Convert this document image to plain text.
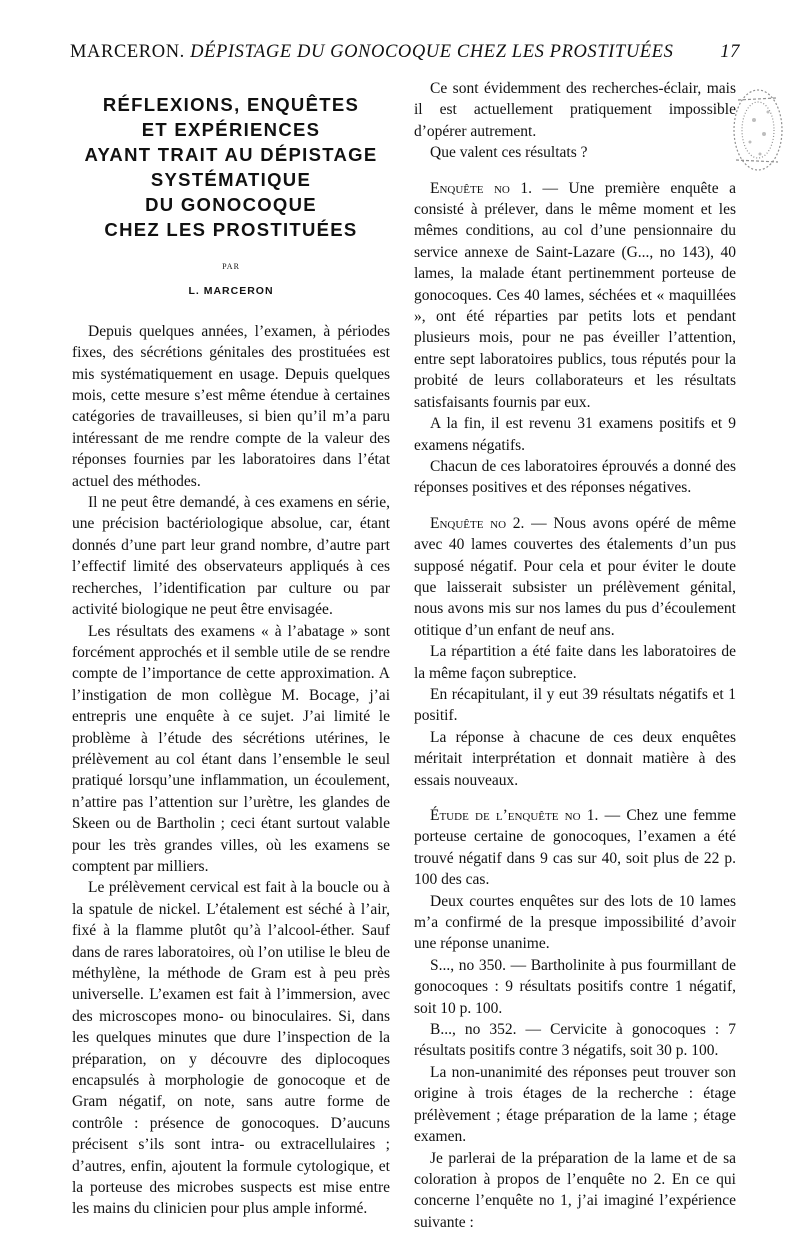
MARCERON. DÉPISTAGE DU GONOCOQUE CHEZ LES PROSTITUÉES	17
RÉFLEXIONS, ENQUÊTES
ET EXPÉRIENCES
AYANT TRAIT AU DÉPISTAGE
SYSTÉMATIQUE
DU GONOCOQUE
CHEZ LES PROSTITUÉES
PAR
L. MARCERON

Depuis quelques années, l’examen, à périodes fixes, des sécrétions génitales des prostituées est mis systématiquement en usage. Depuis quelques mois, cette mesure s’est même étendue à certaines catégories de travailleuses, si bien qu’il m’a paru intéressant de me rendre compte de la valeur des réponses fournies par les laboratoires dans l’état actuel des méthodes.

Il ne peut être demandé, à ces examens en série, une précision bactériologique absolue, car, étant donnés d’une part leur grand nombre, d’autre part l’effectif limité des observateurs appliqués à ces recherches, l’identification par culture ou par activité biologique ne peut être envisagée.

Les résultats des examens « à l’abatage » sont forcément approchés et il semble utile de se rendre compte de l’importance de cette approximation. A l’instigation de mon collègue M. Bocage, j’ai entrepris une enquête à ce sujet. J’ai limité le problème à l’étude des sécrétions utérines, le prélèvement au col étant dans l’ensemble le seul pratiqué lorsqu’une inflammation, un écoulement, n’attire pas l’attention sur l’urètre, les glandes de Skeen ou de Bartholin ; ceci étant surtout valable pour les très grandes villes, où les examens se comptent par milliers.

Le prélèvement cervical est fait à la boucle ou à la spatule de nickel. L’étalement est séché à l’air, fixé à la flamme plutôt qu’à l’alcool-éther. Sauf dans de rares laboratoires, où l’on utilise le bleu de méthylène, la méthode de Gram est à peu près universelle. L’examen est fait à l’immersion, avec des microscopes mono- ou binoculaires. Si, dans les quelques minutes que dure l’inspection de la préparation, on y découvre des diplocoques encapsulés à morphologie de gonocoque et de Gram négatif, on note, sans autre forme de contrôle : présence de gonocoques. D’aucuns précisent s’ils sont intra- ou extracellulaires ; d’autres, enfin, ajoutent la formule cytologique, et la porteuse des microbes suspects est mise entre les mains du clinicien pour plus ample informé.

Ce sont évidemment des recherches-éclair, mais il est actuellement pratiquement impossible d’opérer autrement.

Que valent ces résultats ?

Enquête no 1. — Une première enquête a consisté à prélever, dans le même moment et les mêmes conditions, au col d’une pensionnaire du service annexe de Saint-Lazare (G..., no 143), 40 lames, la malade étant pertinemment porteuse de gonocoques. Ces 40 lames, séchées et « maquillées », ont été réparties par petits lots et pendant plusieurs mois, pour ne pas éveiller l’attention, entre sept laboratoires publics, tous réputés pour la probité de leurs collaborateurs et les résultats satisfaisants fournis par eux.

A la fin, il est revenu 31 examens positifs et 9 examens négatifs.

Chacun de ces laboratoires éprouvés a donné des réponses positives et des réponses négatives.

Enquête no 2. — Nous avons opéré de même avec 40 lames couvertes des étalements d’un pus supposé négatif. Pour cela et pour éviter le doute que laisserait subsister un prélèvement génital, nous avons mis sur nos lames du pus d’écoulement otitique d’un enfant de neuf ans.

La répartition a été faite dans les laboratoires de la même façon subreptice.

En récapitulant, il y eut 39 résultats négatifs et 1 positif.

La réponse à chacune de ces deux enquêtes méritait interprétation et donnait matière à des essais nouveaux.

Étude de l’enquête no 1. — Chez une femme porteuse certaine de gonocoques, l’examen a été trouvé négatif dans 9 cas sur 40, soit plus de 22 p. 100 des cas.

Deux courtes enquêtes sur des lots de 10 lames m’a confirmé de la presque impossibilité d’avoir une réponse unanime.

S..., no 350. — Bartholinite à pus fourmillant de gonocoques : 9 résultats positifs contre 1 négatif, soit 10 p. 100.

B..., no 352. — Cervicite à gonocoques : 7 résultats positifs contre 3 négatifs, soit 30 p. 100.

La non-unanimité des réponses peut trouver son origine à trois étages de la recherche : étage prélèvement ; étage préparation de la lame ; étage examen.

Je parlerai de la préparation de la lame et de sa coloration à propos de l’enquête no 2. En ce qui concerne l’enquête no 1, j’ai imaginé l’expérience suivante :
